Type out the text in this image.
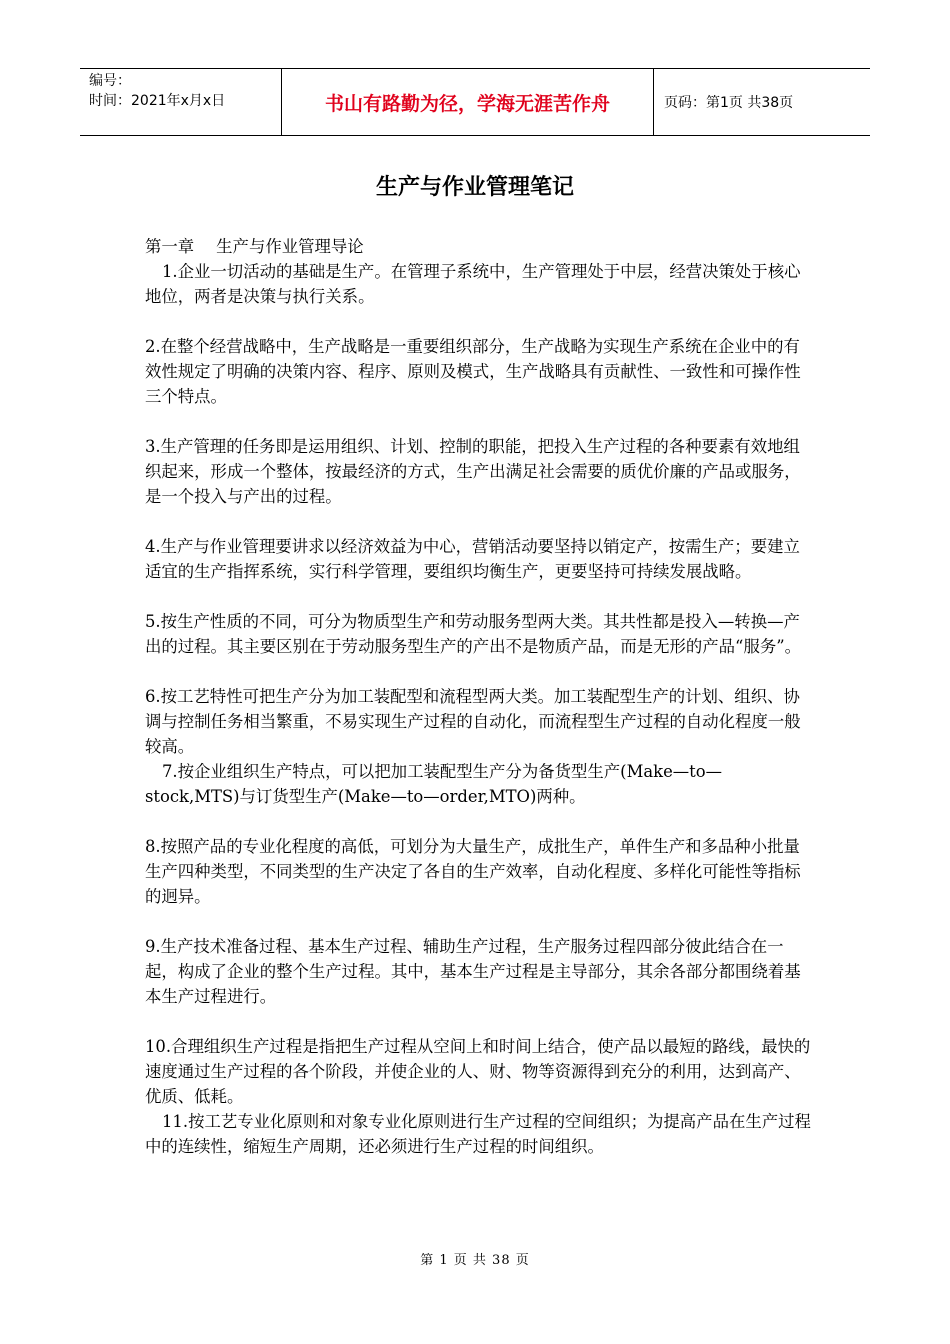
编号：
时间：2021年x月x日	书山有路勤为径，学海无涯苦作舟	页码：第1页 共38页
生产与作业管理笔记

第一章 生产与作业管理导论

1.企业一切活动的基础是生产。在管理子系统中，生产管理处于中层，经营决策处于核心地位，两者是决策与执行关系。

2.在整个经营战略中，生产战略是一重要组织部分，生产战略为实现生产系统在企业中的有效性规定了明确的决策内容、程序、原则及模式，生产战略具有贡献性、一致性和可操作性三个特点。

3.生产管理的任务即是运用组织、计划、控制的职能，把投入生产过程的各种要素有效地组织起来，形成一个整体，按最经济的方式，生产出满足社会需要的质优价廉的产品或服务，是一个投入与产出的过程。

4.生产与作业管理要讲求以经济效益为中心，营销活动要坚持以销定产，按需生产；要建立适宜的生产指挥系统，实行科学管理，要组织均衡生产，更要坚持可持续发展战略。

5.按生产性质的不同，可分为物质型生产和劳动服务型两大类。其共性都是投入—转换—产出的过程。其主要区别在于劳动服务型生产的产出不是物质产品，而是无形的产品“服务”。

6.按工艺特性可把生产分为加工装配型和流程型两大类。加工装配型生产的计划、组织、协调与控制任务相当繁重，不易实现生产过程的自动化，而流程型生产过程的自动化程度一般较高。

7.按企业组织生产特点，可以把加工装配型生产分为备货型生产(Make—to—stock,MTS)与订货型生产(Make—to—order,MTO)两种。

8.按照产品的专业化程度的高低，可划分为大量生产，成批生产，单件生产和多品种小批量生产四种类型，不同类型的生产决定了各自的生产效率，自动化程度、多样化可能性等指标的迥异。

9.生产技术准备过程、基本生产过程、辅助生产过程，生产服务过程四部分彼此结合在一起，构成了企业的整个生产过程。其中，基本生产过程是主导部分，其余各部分都围绕着基本生产过程进行。

10.合理组织生产过程是指把生产过程从空间上和时间上结合，使产品以最短的路线，最快的速度通过生产过程的各个阶段，并使企业的人、财、物等资源得到充分的利用，达到高产、优质、低耗。

11.按工艺专业化原则和对象专业化原则进行生产过程的空间组织；为提高产品在生产过程中的连续性，缩短生产周期，还必须进行生产过程的时间组织。

第 1 页 共 38 页
